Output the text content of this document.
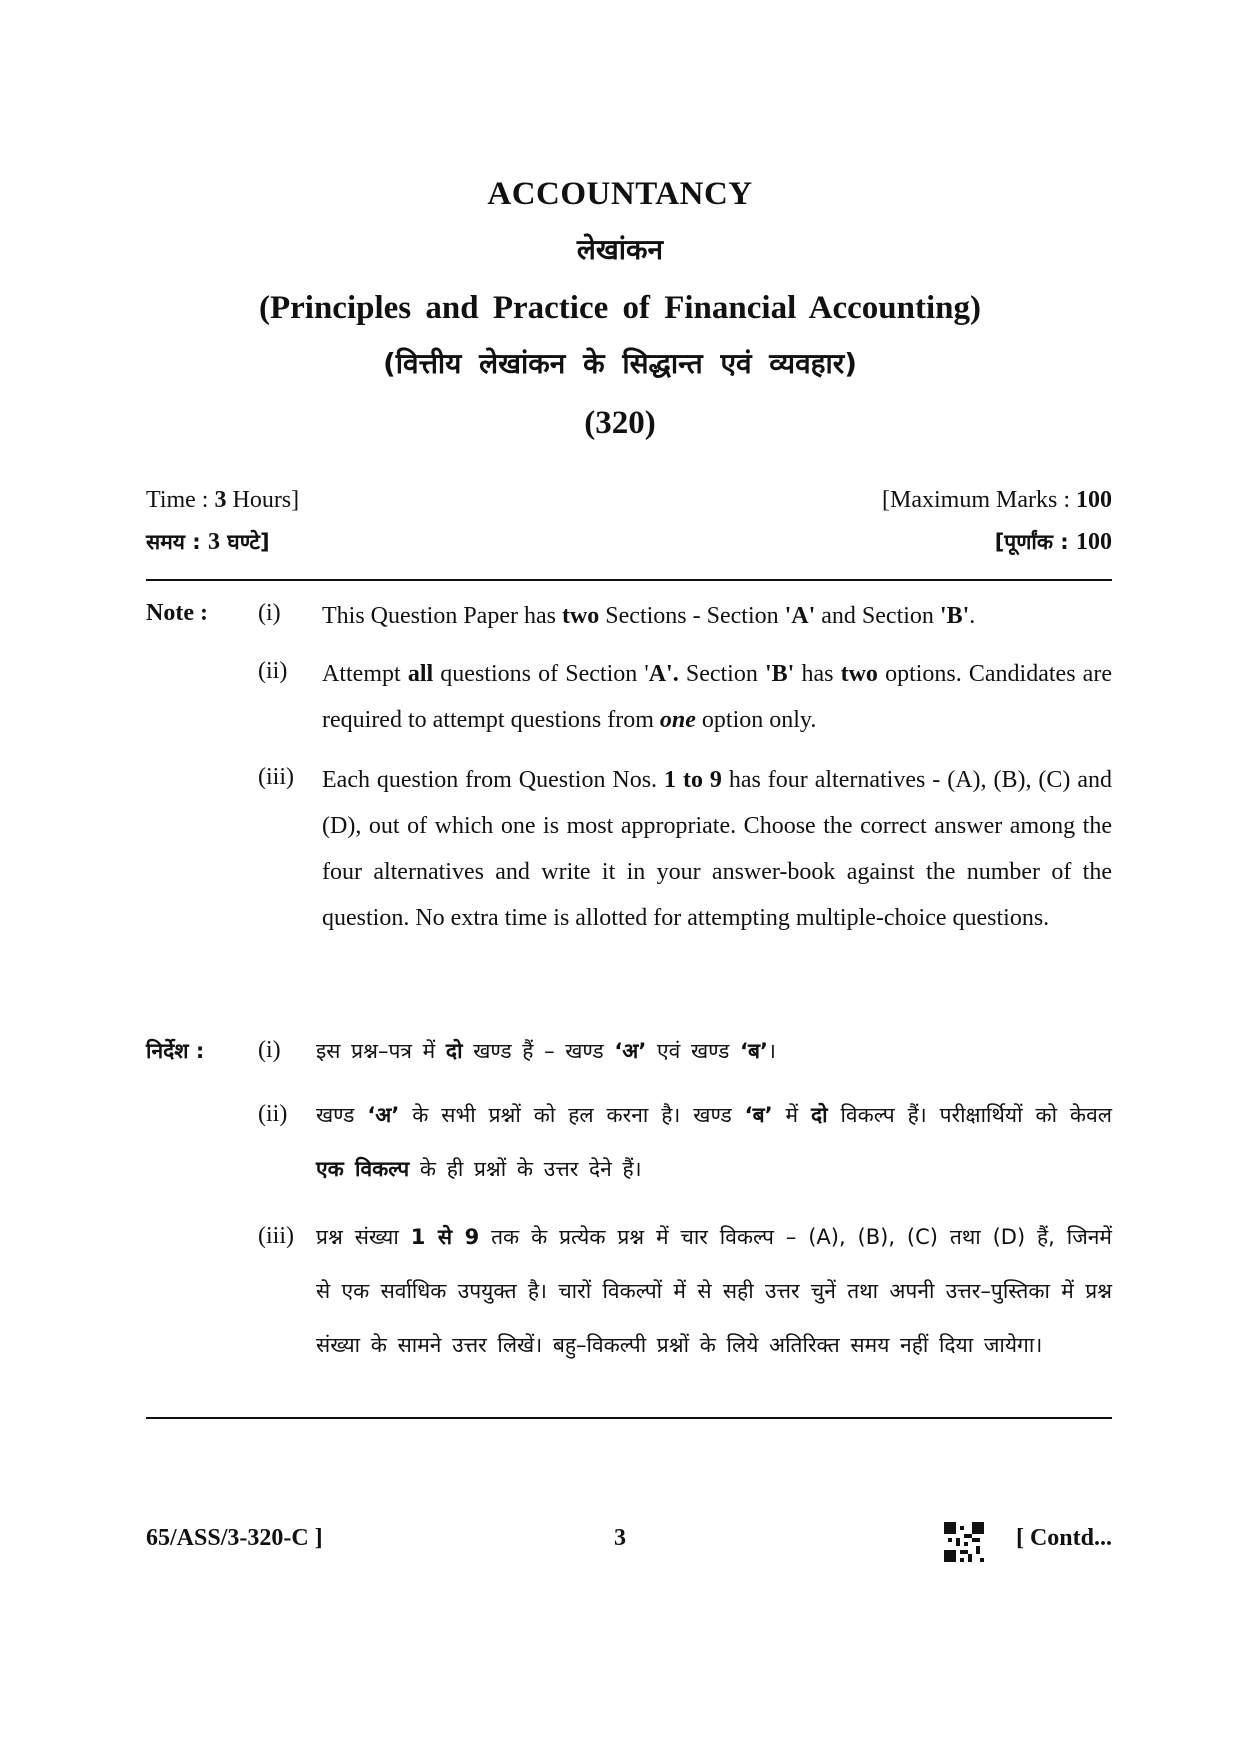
ACCOUNTANCY
लेखांकन
(Principles and Practice of Financial Accounting)
(वित्तीय लेखांकन के सिद्धान्त एवं व्यवहार)
(320)
Time : 3 Hours]	[Maximum Marks : 100
समय : 3 घण्टे]	[पूर्णांक : 100
Note : (i)	This Question Paper has two Sections - Section 'A' and Section 'B'.
(ii)	Attempt all questions of Section 'A'. Section 'B' has two options. Candidates are required to attempt questions from one option only.
(iii)	Each question from Question Nos. 1 to 9 has four alternatives - (A), (B), (C) and (D), out of which one is most appropriate. Choose the correct answer among the four alternatives and write it in your answer-book against the number of the question. No extra time is allotted for attempting multiple-choice questions.
निर्देश : (i)	इस प्रश्न–पत्र में दो खण्ड हैं – खण्ड ‘अ’ एवं खण्ड ‘ब’।
(ii)	खण्ड ‘अ’ के सभी प्रश्नों को हल करना है। खण्ड ‘ब’ में दो विकल्प हैं। परीक्षार्थियों को केवल एक विकल्प के ही प्रश्नों के उत्तर देने हैं।
(iii)	प्रश्न संख्या 1 से 9 तक के प्रत्येक प्रश्न में चार विकल्प – (A), (B), (C) तथा (D) हैं, जिनमें से एक सर्वाधिक उपयुक्त है। चारों विकल्पों में से सही उत्तर चुनें तथा अपनी उत्तर–पुस्तिका में प्रश्न संख्या के सामने उत्तर लिखें। बहु–विकल्पी प्रश्नों के लिये अतिरिक्त समय नहीं दिया जायेगा।
65/ASS/3-320-C ]	3	[ Contd...
